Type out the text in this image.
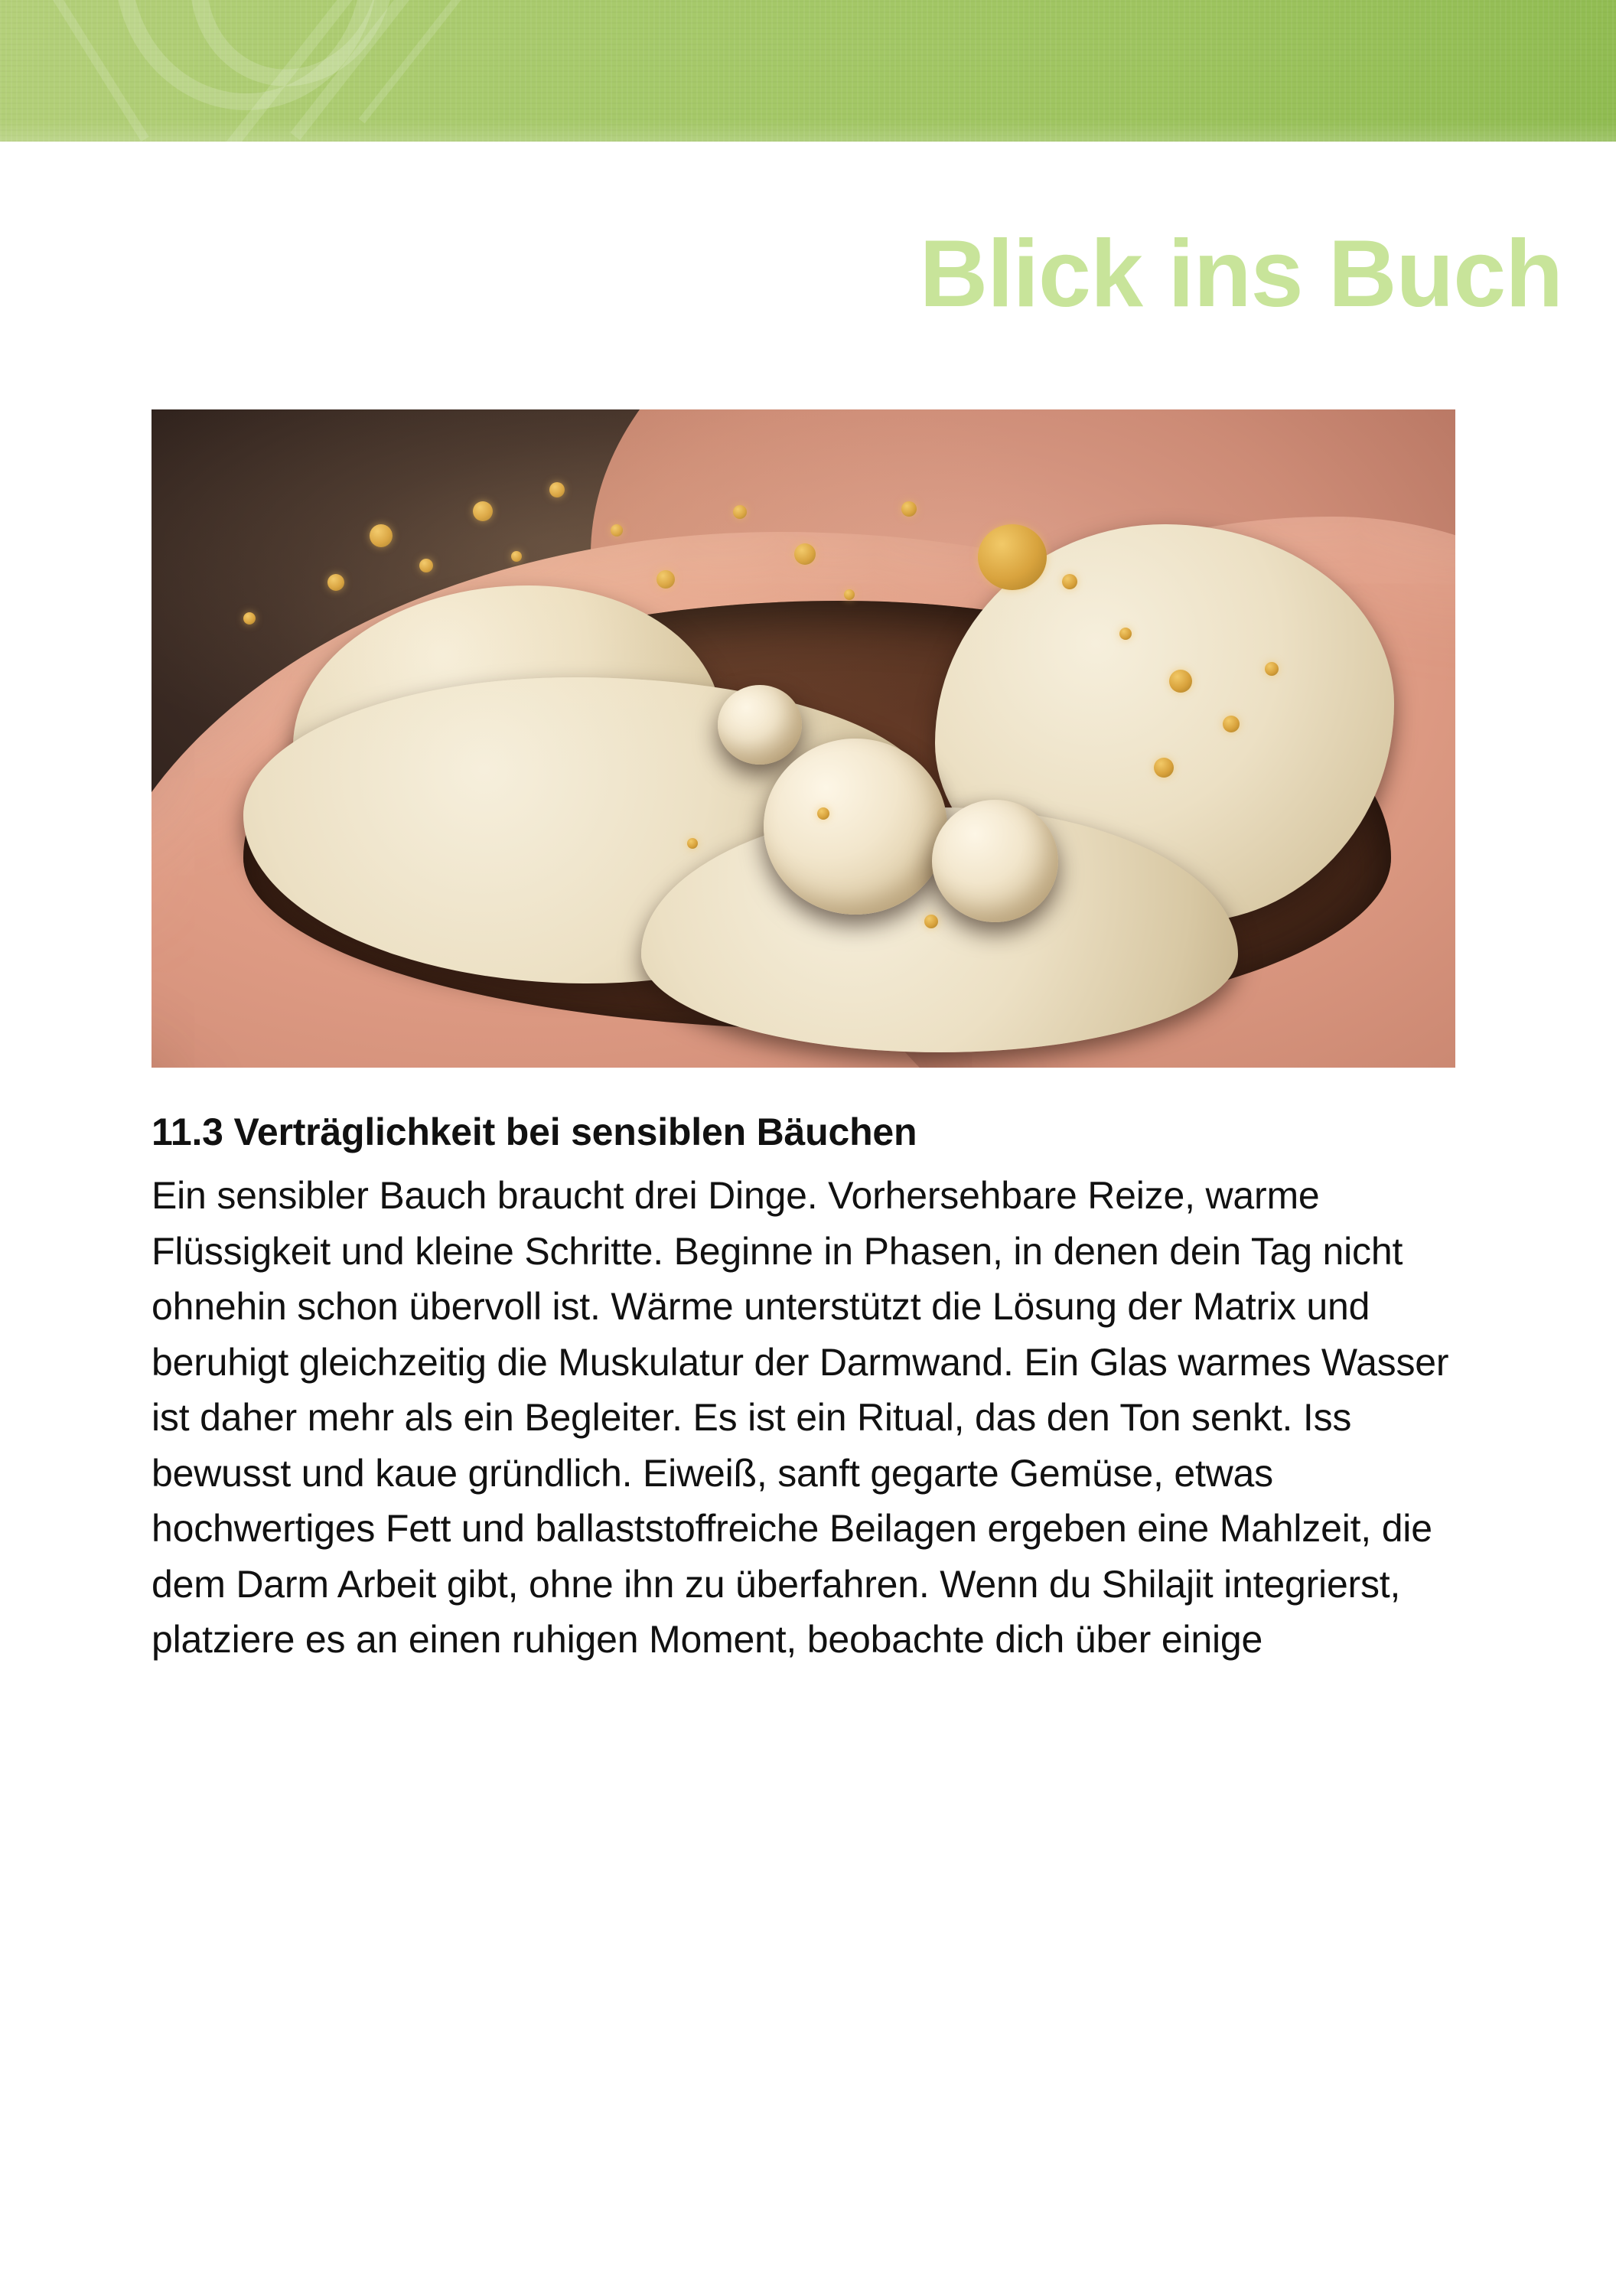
Blick ins Buch
11.3 Verträglichkeit bei sensiblen Bäuchen

Ein sensibler Bauch braucht drei Dinge. Vorhersehbare Reize, warme Flüssigkeit und kleine Schritte. Beginne in Phasen, in denen dein Tag nicht ohnehin schon übervoll ist. Wärme unterstützt die Lösung der Matrix und beruhigt gleichzeitig die Muskulatur der Darmwand. Ein Glas warmes Wasser ist daher mehr als ein Begleiter. Es ist ein Ritual, das den Ton senkt. Iss bewusst und kaue gründlich. Eiweiß, sanft gegarte Gemüse, etwas hochwertiges Fett und ballaststoffreiche Beilagen ergeben eine Mahlzeit, die dem Darm Arbeit gibt, ohne ihn zu überfahren. Wenn du Shilajit integrierst, platziere es an einen ruhigen Moment, beobachte dich über einige
